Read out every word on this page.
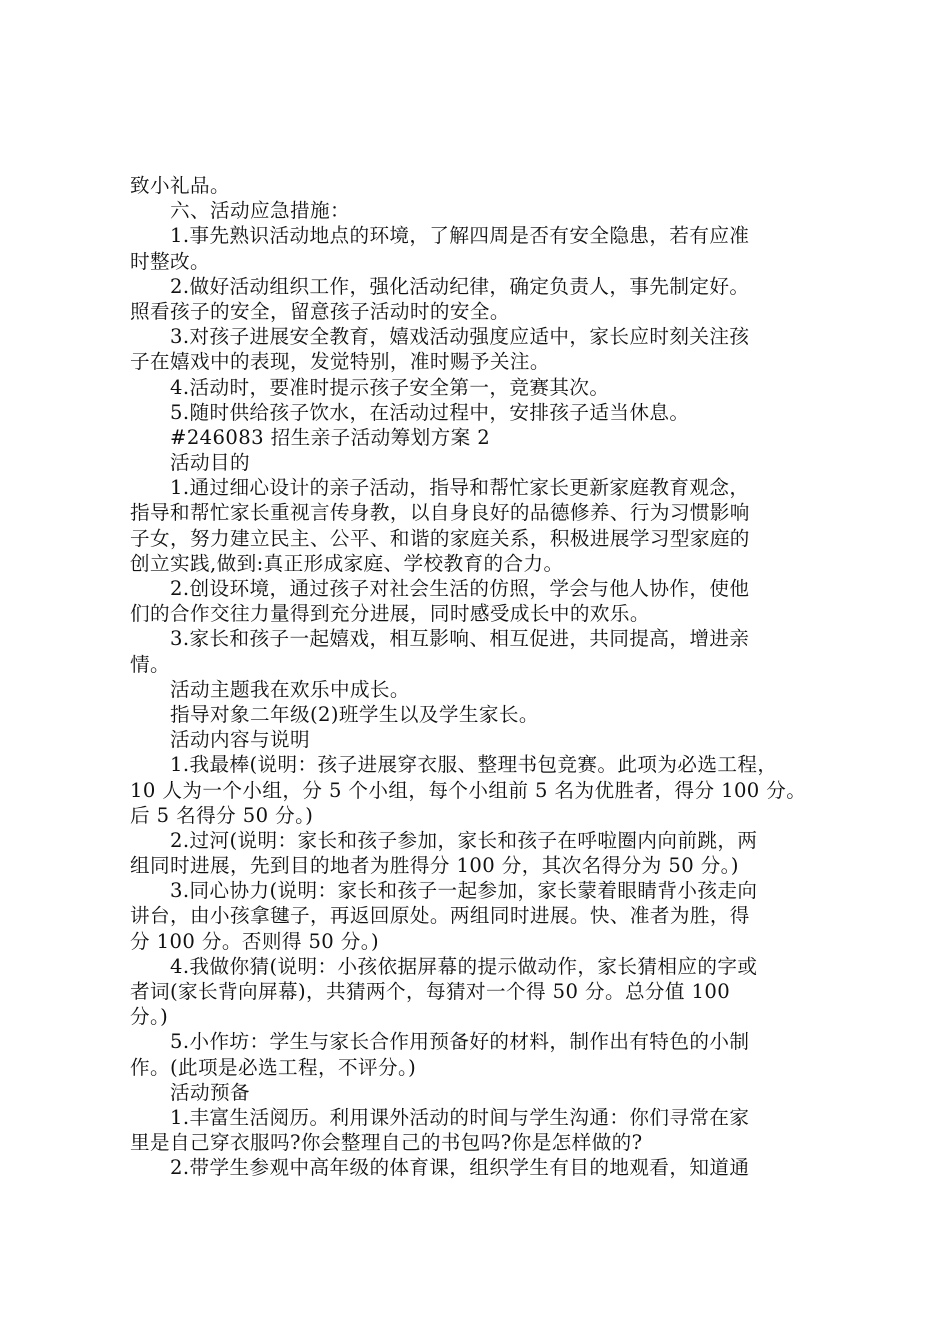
致小礼品。
六、活动应急措施：
1.事先熟识活动地点的环境，了解四周是否有安全隐患，若有应准
时整改。
2.做好活动组织工作，强化活动纪律，确定负责人，事先制定好。
照看孩子的安全，留意孩子活动时的安全。
3.对孩子进展安全教育，嬉戏活动强度应适中，家长应时刻关注孩
子在嬉戏中的表现，发觉特别，准时赐予关注。
4.活动时，要准时提示孩子安全第一，竞赛其次。
5.随时供给孩子饮水，在活动过程中，安排孩子适当休息。
#246083 招生亲子活动筹划方案 2
活动目的
1.通过细心设计的亲子活动，指导和帮忙家长更新家庭教育观念，
指导和帮忙家长重视言传身教，以自身良好的品德修养、行为习惯影响
子女，努力建立民主、公平、和谐的家庭关系，积极进展学习型家庭的
创立实践,做到:真正形成家庭、学校教育的合力。
2.创设环境，通过孩子对社会生活的仿照，学会与他人协作，使他
们的合作交往力量得到充分进展，同时感受成长中的欢乐。
3.家长和孩子一起嬉戏，相互影响、相互促进，共同提高，增进亲
情。
活动主题我在欢乐中成长。
指导对象二年级(2)班学生以及学生家长。
活动内容与说明
1.我最棒(说明：孩子进展穿衣服、整理书包竞赛。此项为必选工程，
10 人为一个小组，分 5 个小组，每个小组前 5 名为优胜者，得分 100 分。
后 5 名得分 50 分。)
2.过河(说明：家长和孩子参加，家长和孩子在呼啦圈内向前跳，两
组同时进展，先到目的地者为胜得分 100 分，其次名得分为 50 分。)
3.同心协力(说明：家长和孩子一起参加，家长蒙着眼睛背小孩走向
讲台，由小孩拿毽子，再返回原处。两组同时进展。快、准者为胜，得
分 100 分。否则得 50 分。)
4.我做你猜(说明：小孩依据屏幕的提示做动作，家长猜相应的字或
者词(家长背向屏幕)，共猜两个，每猜对一个得 50 分。总分值 100
分。)
5.小作坊：学生与家长合作用预备好的材料，制作出有特色的小制
作。(此项是必选工程，不评分。)
活动预备
1.丰富生活阅历。利用课外活动的时间与学生沟通：你们寻常在家
里是自己穿衣服吗?你会整理自己的书包吗?你是怎样做的?
2.带学生参观中高年级的体育课，组织学生有目的地观看，知道通
